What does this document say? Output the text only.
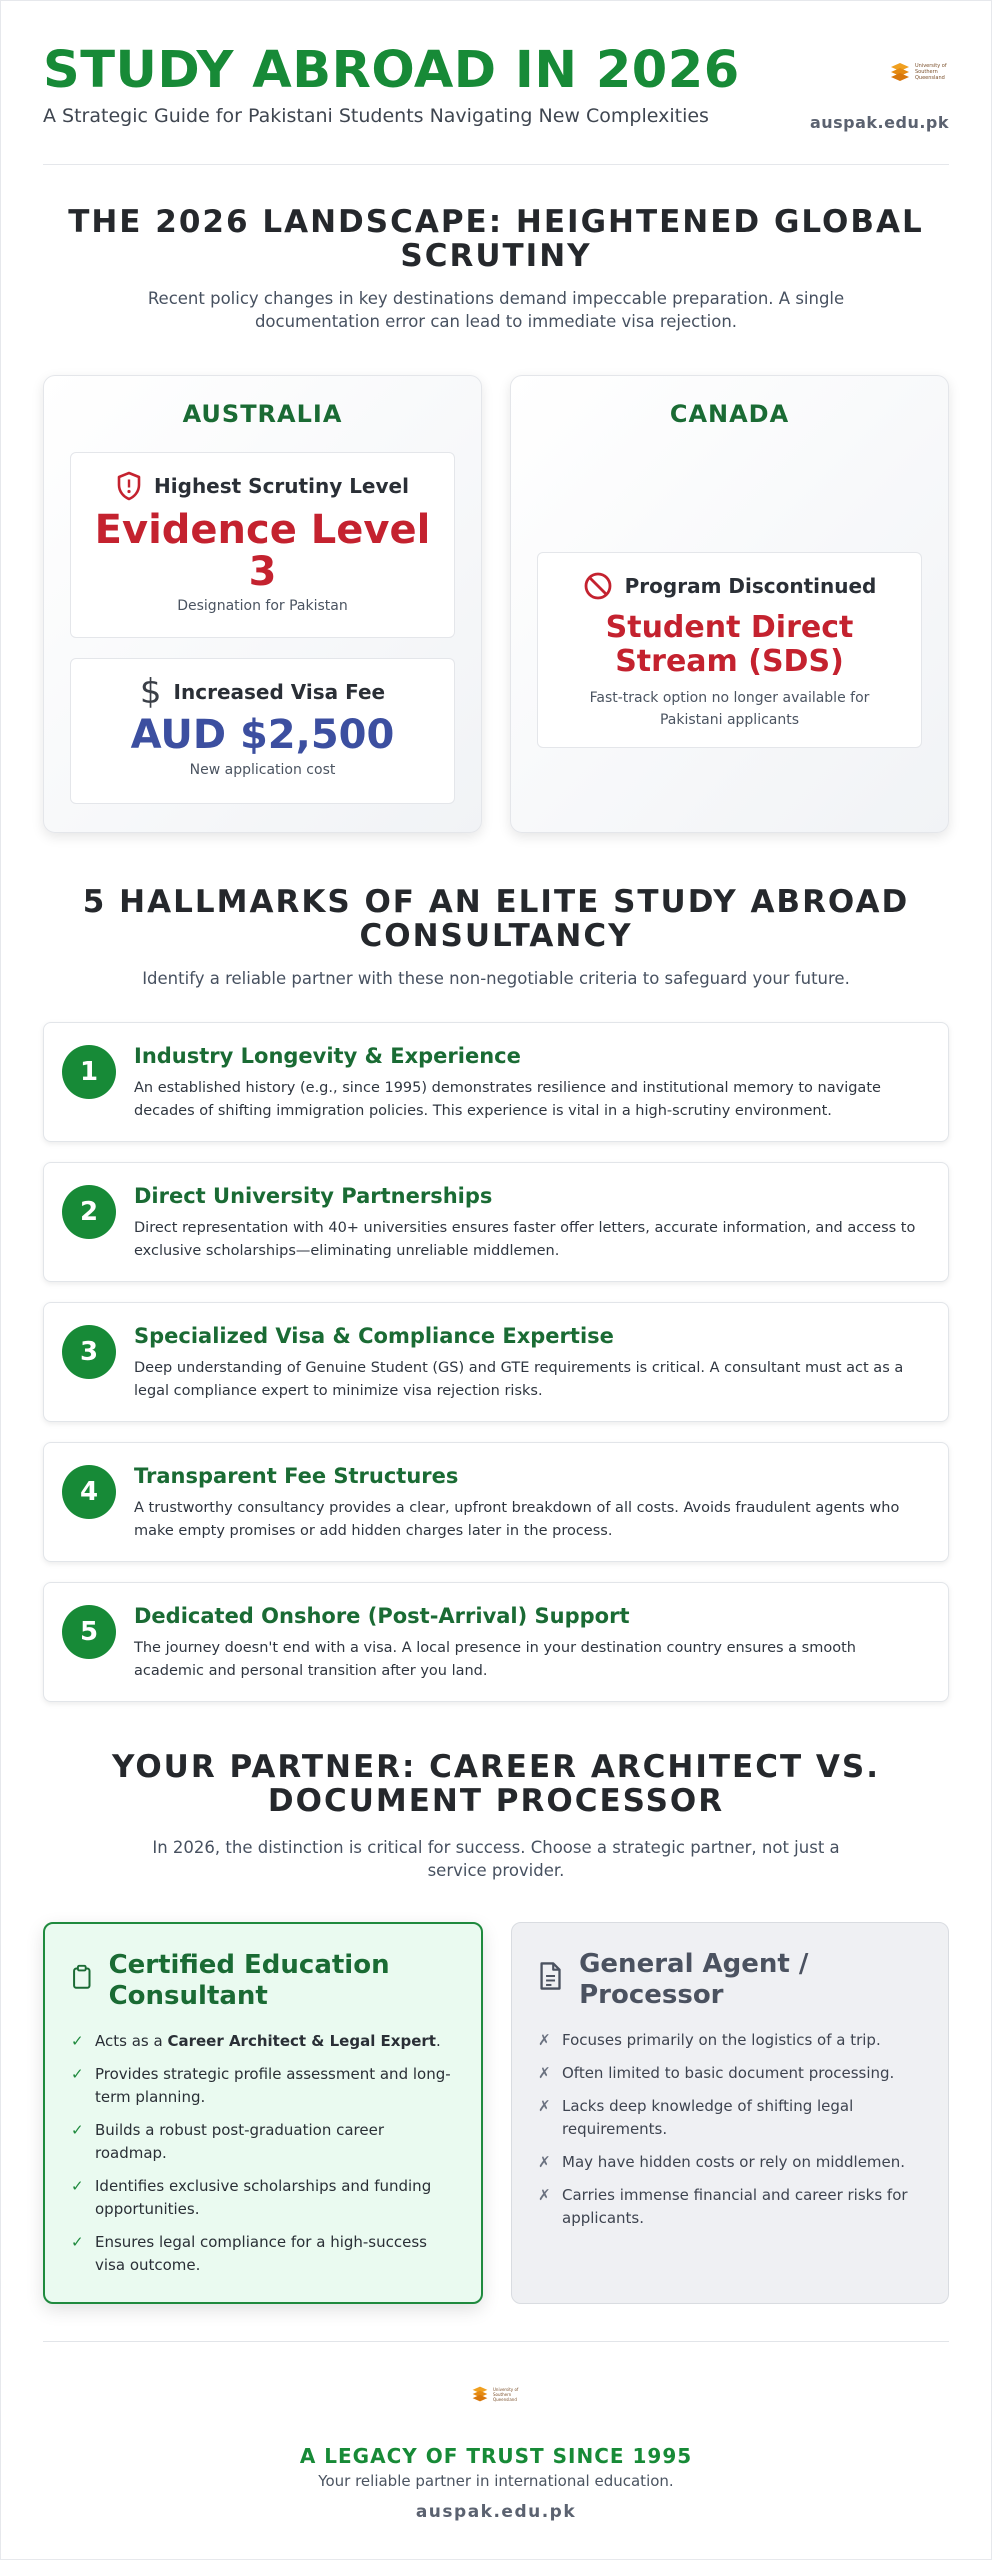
STUDY ABROAD IN 2026

A Strategic Guide for Pakistani Students Navigating New Complexities

University of Southern Queensland
auspak.edu.pk
THE 2026 LANDSCAPE: HEIGHTENED GLOBAL SCRUTINY

Recent policy changes in key destinations demand impeccable preparation. A single documentation error can lead to immediate visa rejection.

AUSTRALIA
Highest Scrutiny Level
Evidence Level 3
Designation for Pakistan
$ Increased Visa Fee
AUD $2,500
New application cost
CANADA
Program Discontinued
Student Direct Stream (SDS)
Fast-track option no longer available for Pakistani applicants
5 HALLMARKS OF AN ELITE STUDY ABROAD CONSULTANCY

Identify a reliable partner with these non-negotiable criteria to safeguard your future.

1
Industry Longevity & Experience
An established history (e.g., since 1995) demonstrates resilience and institutional memory to navigate decades of shifting immigration policies. This experience is vital in a high-scrutiny environment.
2
Direct University Partnerships
Direct representation with 40+ universities ensures faster offer letters, accurate information, and access to exclusive scholarships—eliminating unreliable middlemen.
3
Specialized Visa & Compliance Expertise
Deep understanding of Genuine Student (GS) and GTE requirements is critical. A consultant must act as a legal compliance expert to minimize visa rejection risks.
4
Transparent Fee Structures
A trustworthy consultancy provides a clear, upfront breakdown of all costs. Avoids fraudulent agents who make empty promises or add hidden charges later in the process.
5
Dedicated Onshore (Post-Arrival) Support
The journey doesn't end with a visa. A local presence in your destination country ensures a smooth academic and personal transition after you land.
YOUR PARTNER: CAREER ARCHITECT VS. DOCUMENT PROCESSOR

In 2026, the distinction is critical for success. Choose a strategic partner, not just a service provider.

Certified Education Consultant
✓ Acts as a Career Architect & Legal Expert.
✓ Provides strategic profile assessment and long-term planning.
✓ Builds a robust post-graduation career roadmap.
✓ Identifies exclusive scholarships and funding opportunities.
✓ Ensures legal compliance for a high-success visa outcome.
General Agent / Processor
✗ Focuses primarily on the logistics of a trip.
✗ Often limited to basic document processing.
✗ Lacks deep knowledge of shifting legal requirements.
✗ May have hidden costs or rely on middlemen.
✗ Carries immense financial and career risks for applicants.
University of Southern Queensland
A LEGACY OF TRUST SINCE 1995
Your reliable partner in international education.
auspak.edu.pk
